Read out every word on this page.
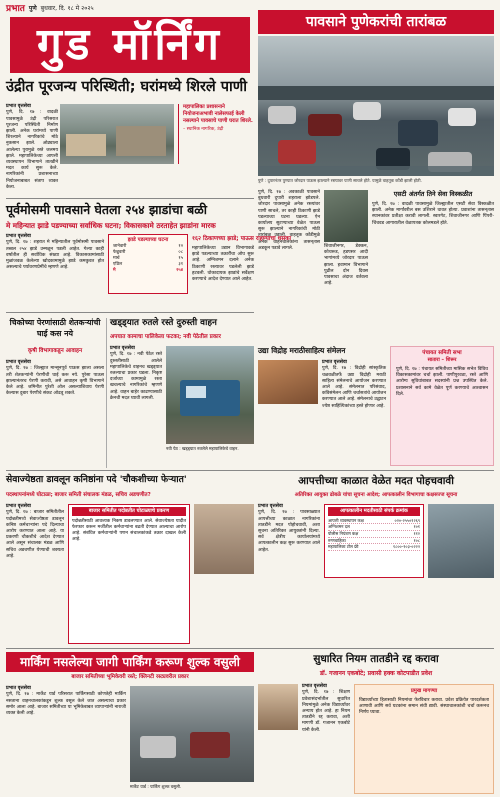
प्रभात पुणे बुधवार, दि. १८ मे २०२५
गुड मॉर्निंग	पावसाने पुणेकरांची तारांबळ
पुणे : दुपारनंतर पुण्यात जोरदार पाऊस झाल्याने रस्त्यावर पाणी साचले होते. यामुळे वाहतूक कोंडी झाली होती.
पुणे, दि. १७ : अवकाळी पावसाने बुधवारी दुपारी शहराला झोडपले. जोरदार पावसामुळे अनेक रस्त्यांवर पाणी साचले, तर काही ठिकाणी झाडे पडल्याच्या घटना घडल्या. ऐन कार्यालय सुटण्याच्या वेळेत पाऊस सुरू झाल्याने नागरिकांची मोठी तारांबळ उडाली. वाहतूक कोंडीमुळे अनेक वाहनचालकांना तासन्‌तास अडकून पडावे लागले.	शिवाजीनगर, डेक्कन, कोथरूड, हडपसर आदी भागांमध्ये जोरदार पाऊस झाला. हवामान विभागाने पुढील दोन दिवस पावसाचा अंदाज वर्तवला आहे.
एसटी अंतर्गत तिने सेवा विस्कळीत
पुणे, दि. १७ : वादळी पावसामुळे जिल्ह्यातील एसटी सेवा विस्कळीत झाली. अनेक मार्गांवरील बस उशिराने धावत होत्या. प्रवाशांना तासन्‌तास स्थानकांवर प्रतीक्षा करावी लागली. स्वारगेट, शिवाजीनगर आणि पिंपरी-चिंचवड आगारातील वेळापत्रक कोलमडले होते.
उंद्रीत पूरजन्य परिस्थिती; घरांमध्ये शिरले पाणी
प्रभात वृत्तसेवा
पुणे, दि. १७ : वादळी पावसामुळे उंद्री परिसरात पूरजन्य परिस्थिती निर्माण झाली. अनेक घरांमध्ये पाणी शिरल्याने नागरिकांचे मोठे नुकसान झाले. ओढ्याला आलेल्या पुरामुळे रस्ते जलमय झाले. महापालिकेच्या आपत्ती व्यवस्थापन विभागाने तातडीने मदत कार्य सुरू केले. नागरिकांनी प्रशासनाच्या नियोजनाबाबत संताप व्यक्त केला.
महापालिका प्रशासनाने नियोजनाअभावी नालेसफाई केली नसल्याने पावसाचे पाणी घरात शिरले.
– स्थानिक नागरिक, उंद्री
पूर्वमोसमी पावसाने घेतला २५४ झाडांचा बळी
मे महिन्यात झाडे पडण्याच्या सर्वाधिक घटना; विकासकामे ठरताहेत झाडांना मारक
प्रभात वृत्तसेवा
पुणे, दि. १७ : शहरात मे महिन्यातील पूर्वमोसमी पावसाने तब्बल २५४ झाडे उन्मळून पडली आहेत. गेल्या काही वर्षांतील ही सर्वाधिक संख्या आहे. विकासकामांसाठी मुळांजवळ केलेल्या खोदकामामुळे झाडे कमकुवत होत असल्याचे पर्यावरणप्रेमींचे म्हणणे आहे.
झाडे पडल्याच्या घटना
जानेवारी	१२
फेब्रुवारी	०८
मार्च	१५
एप्रिल	३१
मे	२५४
१६२ ठिकाणच्या झाडे; पाऊस राहण्याचा धसका
महापालिकेच्या उद्यान विभागाकडे झाडे पडल्याच्या तक्रारींचा ओघ सुरू आहे. अग्निशमन दलाने अनेक ठिकाणी रस्त्यावर पडलेली झाडे हटवली. धोकादायक झाडांचे सर्वेक्षण करण्याचे आदेश देण्यात आले आहेत.
चिकोच्या पेरणांसाठी शेतकऱ्यांची घाई कस नये
कृषी विभागाकडून आवाहन
प्रभात वृत्तसेवा
पुणे, दि. १७ : जिल्ह्यात मान्सूनपूर्व पाऊस झाला असला तरी शेतकऱ्यांनी पेरणीची घाई करू नये. पुरेसा पाऊस झाल्यानंतरच पेरणी करावी, असे आवाहन कृषी विभागाने केले आहे. जमिनीत पुरेशी ओल असल्याशिवाय पेरणी केल्यास दुबार पेरणीचे संकट ओढवू शकते.
खड्ड्यात रुतले रस्ते दुरुस्ती वाहन
अपघात कामाचा पालिकेला फटका; नवी पेठेतील प्रकार
प्रभात वृत्तसेवा
पुणे, दि. १७ : नवी पेठेत रस्ते दुरुस्तीसाठी आलेले महापालिकेचे वाहनच खड्ड्यात रुतल्याचा प्रकार घडला. निकृष्ट दर्जाच्या कामामुळे रस्ता खचल्याचे नागरिकांचे म्हणणे आहे. वाहन बाहेर काढण्यासाठी क्रेनची मदत घ्यावी लागली.
नवी पेठ : खड्ड्यात रुतलेले महापालिकेचे वाहन.
उद्या विद्रोह मराठीसाहित्य संमेलन
प्रभात वृत्तसेवा
पुणे, दि. १७ : विद्रोही सांस्कृतिक चळवळीतर्फे उद्या विद्रोही मराठी साहित्य संमेलनाचे आयोजन करण्यात आले आहे. संमेलनात परिसंवाद, कविसंमेलन आणि चर्चासत्रांचे आयोजन करण्यात आले आहे. संमेलनाचे उद्घाटन ज्येष्ठ साहित्यिकांच्या हस्ते होणार आहे.
पंचायत समिती सभा
सातारा – शिरूर
पुणे, दि. १७ : पंचायत समितीच्या मासिक सभेत विविध विकासकामांवर चर्चा झाली. पाणीपुरवठा, रस्ते आणि आरोग्य सुविधांबाबत सदस्यांनी प्रश्न उपस्थित केले. प्रशासनाने सर्व कामे वेळेत पूर्ण करण्याचे आश्वासन दिले.
सेवाज्येष्ठता डावलून कनिष्ठांना पदे 'चौकशीच्या फेऱ्यात'
पदस्थापनांमध्ये घोटाळा; बाजार समिती संचालक मंडळ, सचिव अडचणीत?
प्रभात वृत्तसेवा
पुणे, दि. १७ : बाजार समितीतील पदोन्नतीमध्ये सेवाज्येष्ठता डावलून कनिष्ठ कर्मचाऱ्यांना पदे दिल्याचा आरोप करण्यात आला आहे. या प्रकरणी चौकशीचे आदेश देण्यात आले असून संचालक मंडळ आणि सचिव अडचणीत येण्याची शक्यता आहे.
बाजार समितीत पदोन्नतीत घोटाळ्याचे प्रकरण
पदोन्नतीसाठी आवश्यक निकष डावलण्यात आले. सेवाज्येष्ठता यादीत फेरफार करून मर्जीतील कर्मचाऱ्यांना बढती देण्यात आल्याचा आरोप आहे. संबंधित कर्मचाऱ्यांनी पणन संचालकांकडे तक्रार दाखल केली आहे.
आपत्तीच्या काळात वेळेत मदत पोहचवावी
अतिरिक्त आयुक्त ढोबळे यांचा सूचना आदेश; आपत्कालीन विभागाचा कक्षसज्ज सूचना
प्रभात वृत्तसेवा
पुणे, दि. १७ : पावसाळ्यात आपत्तीच्या काळात नागरिकांना तातडीने मदत पोहोचवावी, अशा सूचना अतिरिक्त आयुक्तांनी दिल्या. सर्व क्षेत्रीय कार्यालयांमध्ये आपत्कालीन कक्ष सुरू करण्यात आले आहेत.
आपत्कालीन मदतीसाठी संपर्क क्रमांक
आपत्ती व्यवस्थापन कक्ष	०२०-२५५०१२६९
अग्निशमन दल	१०१
पोलीस नियंत्रण कक्ष	११२
रुग्णवाहिका	१०८
महापालिका टोल फ्री	१८००-१०३-०२२२
मार्किंग नसलेल्या जागी पार्किंग करूण शुल्क वसुली
बाजार समितीच्या भूमिकेवरी रस्ते; क्लिनटी रस्ट्यवरील प्रकार
प्रभात वृत्तसेवा
पुणे, दि. १७ : मार्केट यार्ड परिसरात पार्किंगसाठी कोणतेही मार्किंग नसताना वाहनचालकांकडून शुल्क वसूल केले जात असल्याचा प्रकार समोर आला आहे. बाजार समितीच्या या भूमिकेबाबत व्यापाऱ्यांनी नाराजी व्यक्त केली आहे.
मार्केट यार्ड : पार्किंग शुल्क वसुली.
सुधारित नियम तातडीने रद्द करावा
डॉ. गजानन एकबोटे; प्रवासी हक्क कोटपाडीत प्रवेश
प्रभात वृत्तसेवा
पुणे, दि. १७ : शिक्षण प्रवेशासंदर्भातील सुधारित नियमांमुळे अनेक विद्यार्थ्यांवर अन्याय होत आहे. हा नियम तातडीने रद्द करावा, अशी मागणी डॉ. गजानन एकबोटे यांनी केली.
प्रमुख मागण्या
विद्यार्थ्यांच्या हितासाठी नियमांचा फेरविचार करावा. प्रवेश प्रक्रियेत पारदर्शकता आणावी आणि सर्व घटकांना समान संधी द्यावी. संस्थाचालकांशी चर्चा करूनच निर्णय घ्यावा.
